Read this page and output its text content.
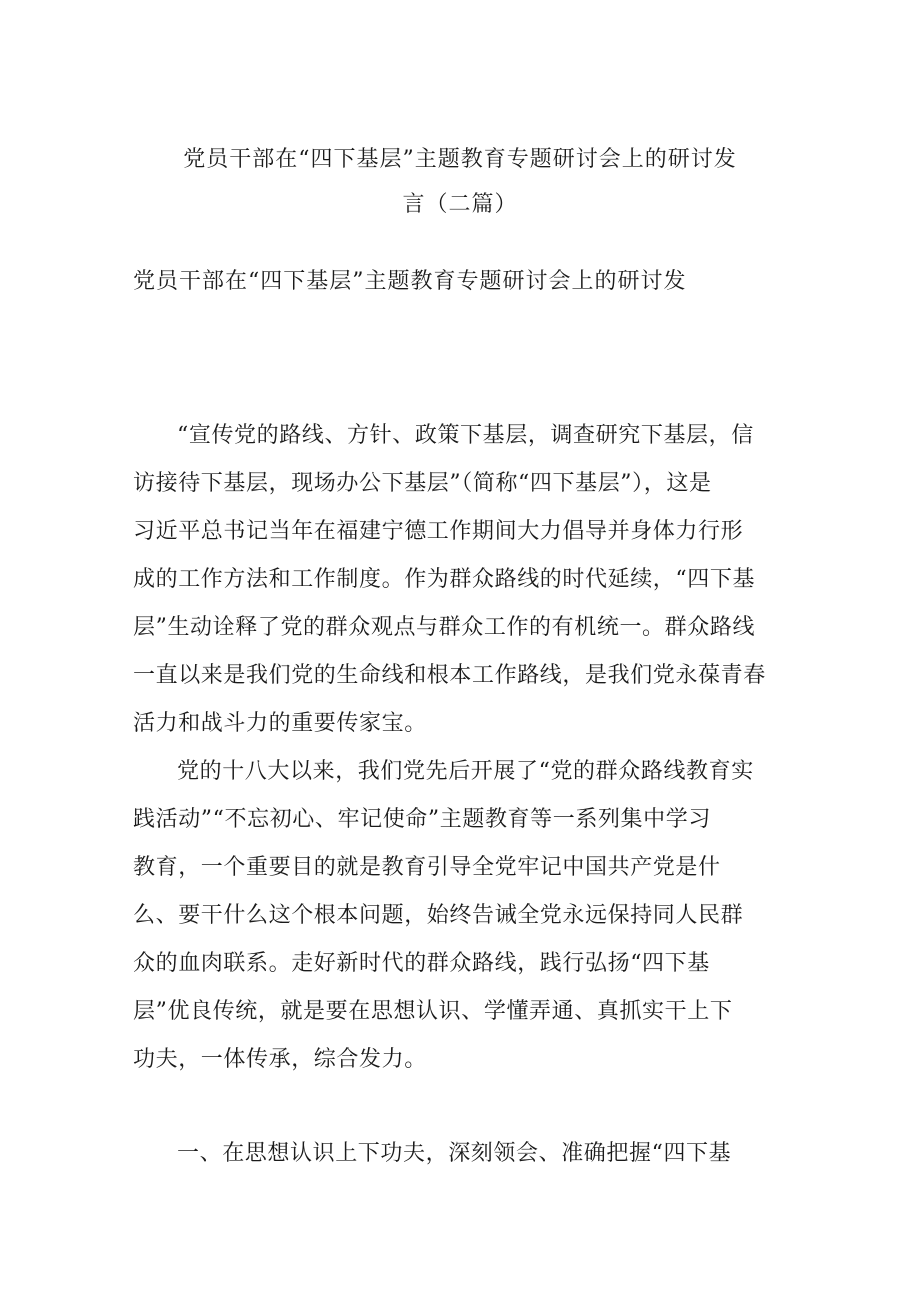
党员干部在“四下基层”主题教育专题研讨会上的研讨发
言（二篇）
党员干部在“四下基层”主题教育专题研讨会上的研讨发
“宣传党的路线、方针、政策下基层，调查研究下基层，信
访接待下基层，现场办公下基层”（简称“四下基层”），这是
习近平总书记当年在福建宁德工作期间大力倡导并身体力行形
成的工作方法和工作制度。作为群众路线的时代延续，“四下基
层”生动诠释了党的群众观点与群众工作的有机统一。群众路线
一直以来是我们党的生命线和根本工作路线，是我们党永葆青春
活力和战斗力的重要传家宝。
党的十八大以来，我们党先后开展了“党的群众路线教育实
践活动”“不忘初心、牢记使命”主题教育等一系列集中学习
教育，一个重要目的就是教育引导全党牢记中国共产党是什
么、要干什么这个根本问题，始终告诫全党永远保持同人民群
众的血肉联系。走好新时代的群众路线，践行弘扬“四下基
层”优良传统，就是要在思想认识、学懂弄通、真抓实干上下
功夫，一体传承，综合发力。
一、在思想认识上下功夫，深刻领会、准确把握“四下基
